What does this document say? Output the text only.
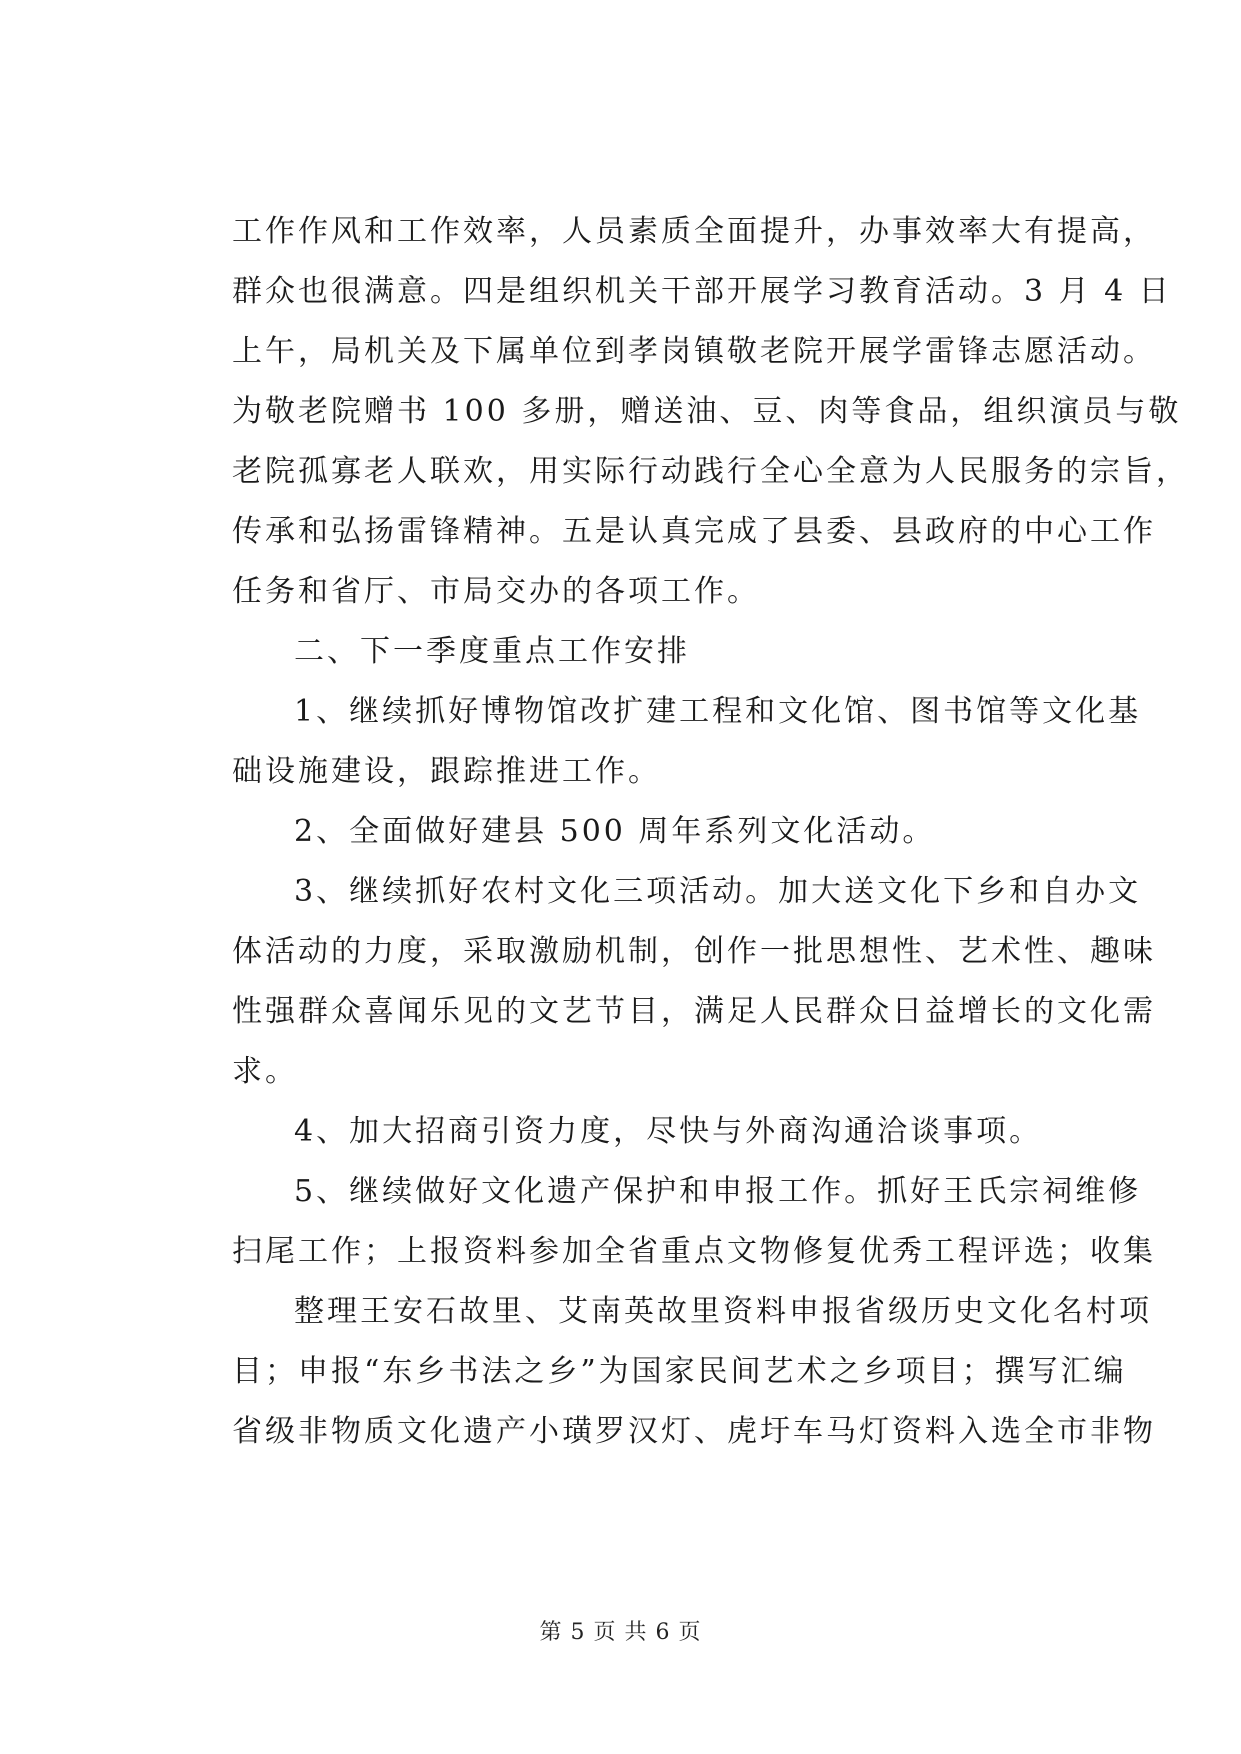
工作作风和工作效率，人员素质全面提升，办事效率大有提高，
群众也很满意。四是组织机关干部开展学习教育活动。3 月 4 日
上午，局机关及下属单位到孝岗镇敬老院开展学雷锋志愿活动。
为敬老院赠书 100 多册，赠送油、豆、肉等食品，组织演员与敬
老院孤寡老人联欢，用实际行动践行全心全意为人民服务的宗旨，
传承和弘扬雷锋精神。五是认真完成了县委、县政府的中心工作
任务和省厅、市局交办的各项工作。
二、下一季度重点工作安排
1、继续抓好博物馆改扩建工程和文化馆、图书馆等文化基
础设施建设，跟踪推进工作。
2、全面做好建县 500 周年系列文化活动。
3、继续抓好农村文化三项活动。加大送文化下乡和自办文
体活动的力度，采取激励机制，创作一批思想性、艺术性、趣味
性强群众喜闻乐见的文艺节目，满足人民群众日益增长的文化需
求。
4、加大招商引资力度，尽快与外商沟通洽谈事项。
5、继续做好文化遗产保护和申报工作。抓好王氏宗祠维修
扫尾工作；上报资料参加全省重点文物修复优秀工程评选；收集
整理王安石故里、艾南英故里资料申报省级历史文化名村项
目；申报“东乡书法之乡”为国家民间艺术之乡项目；撰写汇编
省级非物质文化遗产小璜罗汉灯、虎圩车马灯资料入选全市非物
第 5 页 共 6 页
